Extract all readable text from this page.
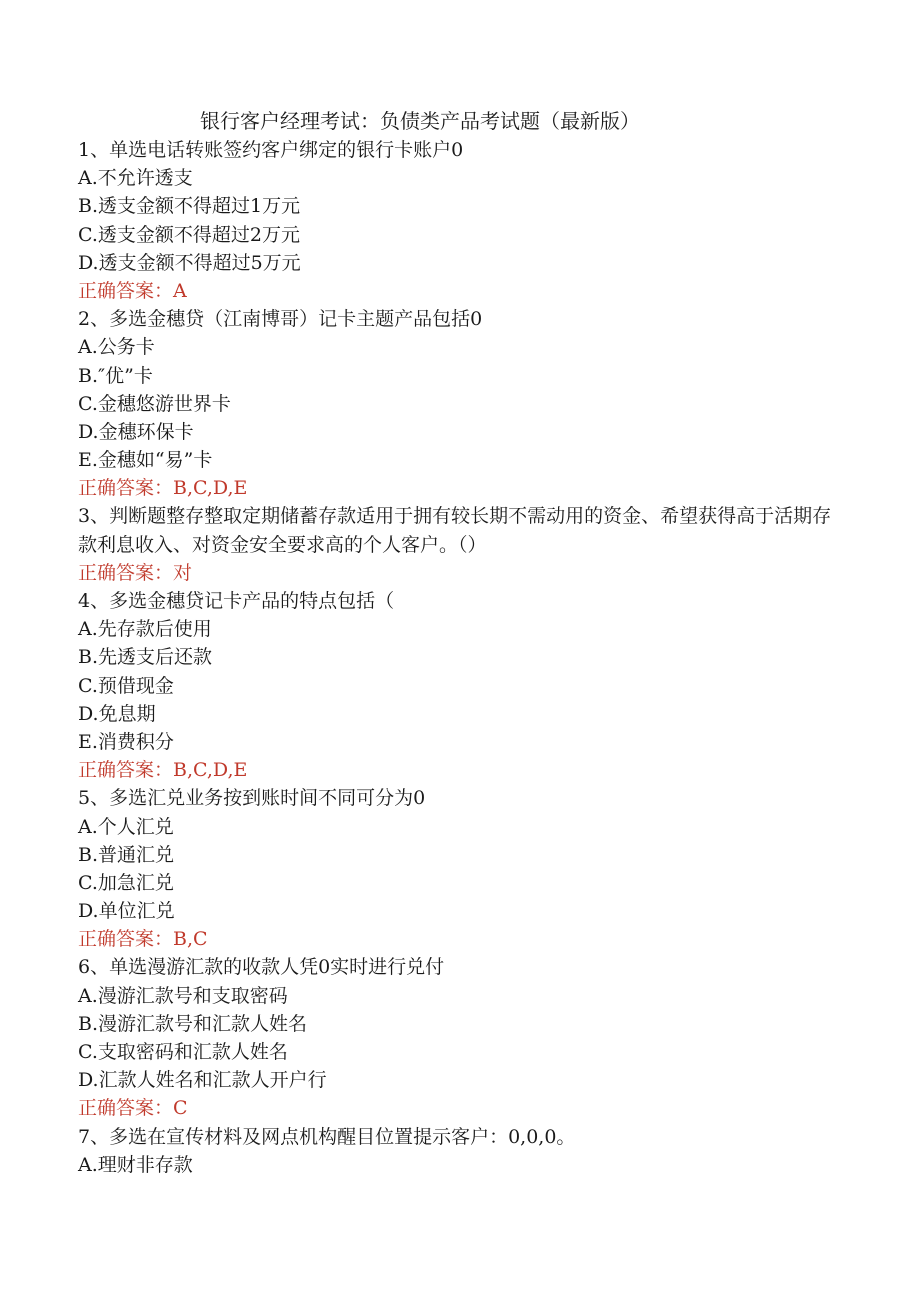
银行客户经理考试：负债类产品考试题（最新版）
1、单选电话转账签约客户绑定的银行卡账户0
A.不允许透支
B.透支金额不得超过1万元
C.透支金额不得超过2万元
D.透支金额不得超过5万元
正确答案：A
2、多选金穗贷（江南博哥）记卡主题产品包括0
A.公务卡
B.″优”卡
C.金穗悠游世界卡
D.金穗环保卡
E.金穗如“易”卡
正确答案：B,C,D,E
3、判断题整存整取定期储蓄存款适用于拥有较长期不需动用的资金、希望获得高于活期存款利息收入、对资金安全要求高的个人客户。（）
正确答案：对
4、多选金穗贷记卡产品的特点包括（
A.先存款后使用
B.先透支后还款
C.预借现金
D.免息期
E.消费积分
正确答案：B,C,D,E
5、多选汇兑业务按到账时间不同可分为0
A.个人汇兑
B.普通汇兑
C.加急汇兑
D.单位汇兑
正确答案：B,C
6、单选漫游汇款的收款人凭0实时进行兑付
A.漫游汇款号和支取密码
B.漫游汇款号和汇款人姓名
C.支取密码和汇款人姓名
D.汇款人姓名和汇款人开户行
正确答案：C
7、多选在宣传材料及网点机构醒目位置提示客户：0,0,0。
A.理财非存款
